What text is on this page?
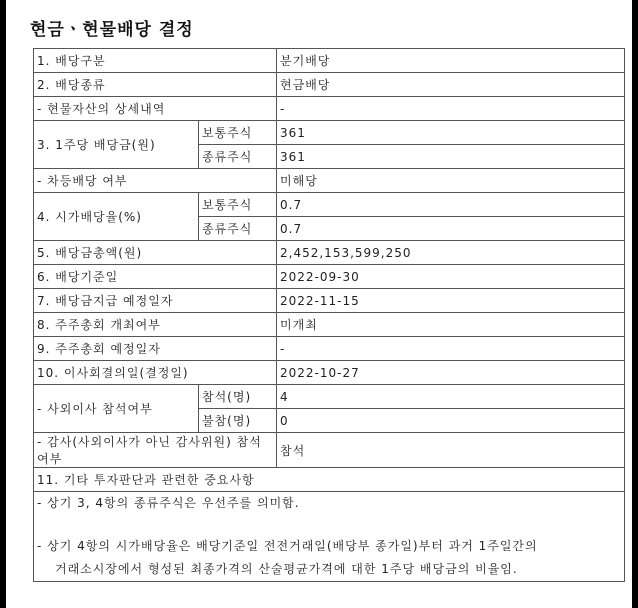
현금ㆍ현물배당 결정
1. 배당구분		분기배당
2. 배당종류		현금배당
- 현물자산의 상세내역		-
3. 1주당 배당금(원)	보통주식	361
	종류주식	361
- 차등배당 여부		미해당
4. 시가배당율(%)	보통주식	0.7
	종류주식	0.7
5. 배당금총액(원)		2,452,153,599,250
6. 배당기준일		2022-09-30
7. 배당금지급 예정일자		2022-11-15
8. 주주총회 개최여부		미개최
9. 주주총회 예정일자		-
10. 이사회결의일(결정일)		2022-10-27
- 사외이사 참석여부	참석(명)	4
	불참(명)	0
- 감사(사외이사가 아닌 감사위원) 참석여부		참석
11. 기타 투자판단과 관련한 중요사항		

- 상기 3, 4항의 종류주식은 우선주를 의미함.
- 상기 4항의 시가배당율은 배당기준일 전전거래일(배당부 종가일)부터 과거 1주일간의
거래소시장에서 형성된 최종가격의 산술평균가격에 대한 1주당 배당금의 비율임.		
